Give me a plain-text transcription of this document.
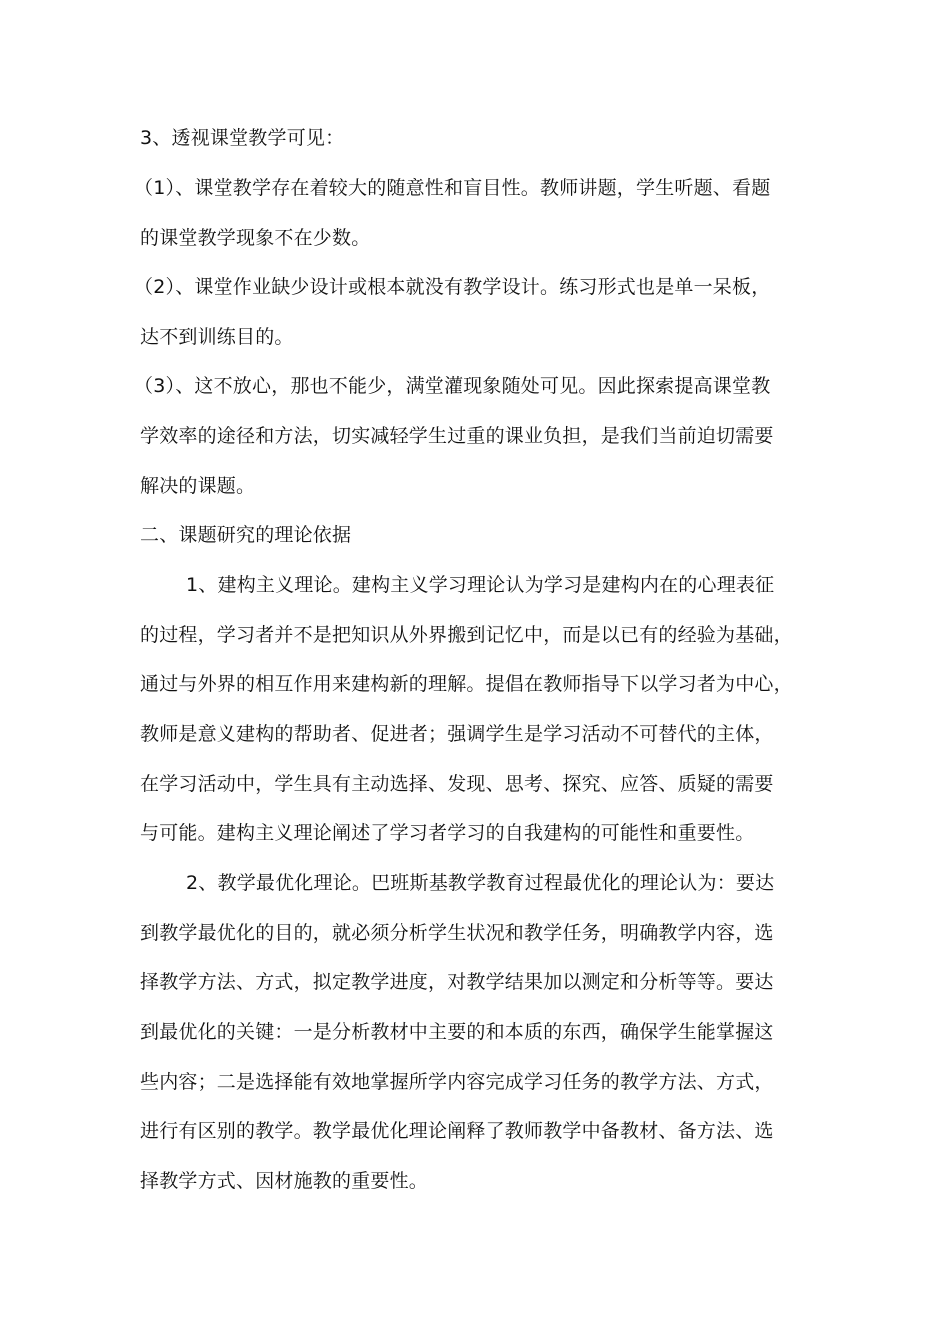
3、透视课堂教学可见：
（1）、课堂教学存在着较大的随意性和盲目性。教师讲题，学生听题、看题
的课堂教学现象不在少数。
（2）、课堂作业缺少设计或根本就没有教学设计。练习形式也是单一呆板，
达不到训练目的。
（3）、这不放心，那也不能少，满堂灌现象随处可见。因此探索提高课堂教
学效率的途径和方法，切实减轻学生过重的课业负担，是我们当前迫切需要
解决的课题。
二、课题研究的理论依据
1、建构主义理论。建构主义学习理论认为学习是建构内在的心理表征
的过程，学习者并不是把知识从外界搬到记忆中，而是以已有的经验为基础，
通过与外界的相互作用来建构新的理解。提倡在教师指导下以学习者为中心，
教师是意义建构的帮助者、促进者；强调学生是学习活动不可替代的主体，
在学习活动中，学生具有主动选择、发现、思考、探究、应答、质疑的需要
与可能。建构主义理论阐述了学习者学习的自我建构的可能性和重要性。
2、教学最优化理论。巴班斯基教学教育过程最优化的理论认为：要达
到教学最优化的目的，就必须分析学生状况和教学任务，明确教学内容，选
择教学方法、方式，拟定教学进度，对教学结果加以测定和分析等等。要达
到最优化的关键：一是分析教材中主要的和本质的东西，确保学生能掌握这
些内容；二是选择能有效地掌握所学内容完成学习任务的教学方法、方式，
进行有区别的教学。教学最优化理论阐释了教师教学中备教材、备方法、选
择教学方式、因材施教的重要性。
